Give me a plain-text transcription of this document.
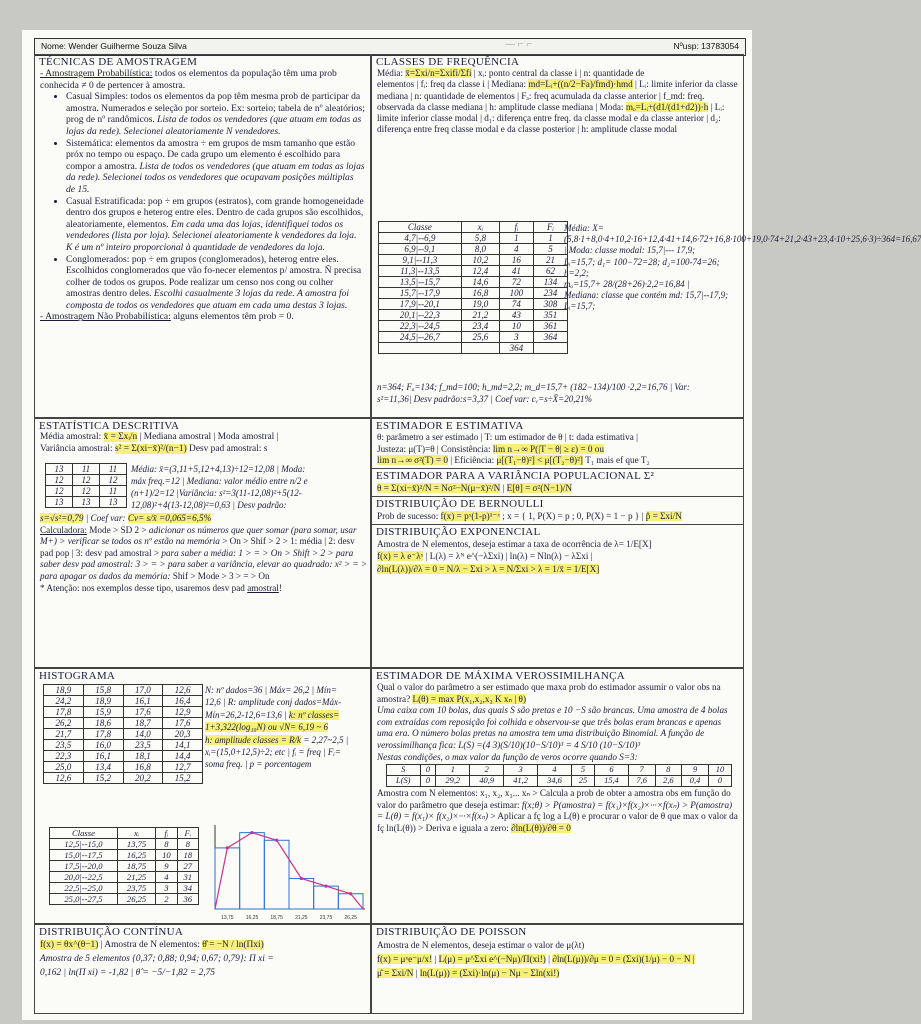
Nome: Wender Guilherme Souza Silva	— ⌐ ⌐	Nºusp: 13783054
TÉCNICAS DE AMOSTRAGEM

- Amostragem Probabilística: todos os elementos da população têm uma prob conhecida ≠ 0 de pertencer à amostra.

• Casual Simples: todos os elementos da pop têm mesma prob de participar da amostra. Numerados e seleção por sorteio. Ex: sorteio; tabela de nº aleatórios; prog de nº randômicos. Lista de todos os vendedores (que atuam em todas as lojas da rede). Selecionei aleatoriamente N vendedores.
• Sistemática: elementos da amostra ÷ em grupos de msm tamanho que estão próx no tempo ou espaço. De cada grupo um elemento é escolhido para compor a amostra. Lista de todos os vendedores (que atuam em todas as lojas da rede). Selecionei todos os vendedores que ocupavam posições múltiplas de 15.
• Casual Estratificada: pop ÷ em grupos (estratos), com grande homogeneidade dentro dos grupos e heterog entre eles. Dentro de cada grupos são escolhidos, aleatoriamente, elementos. Em cada uma das lojas, identifiquei todos os vendedores (lista por loja). Selecionei aleatoriamente k vendedores da loja. K é um nº inteiro proporcional à quantidade de vendedores da loja.
• Conglomerados: pop ÷ em grupos (conglomerados), heterog entre eles. Escolhidos conglomerados que vão fo-necer elementos p/ amostra. Ñ precisa colher de todos os grupos. Pode realizar um censo nos cong ou colher amostras dentro deles. Escolhi casualmente 3 lojas da rede. A amostra foi composta de todos os vendedores que atuam em cada uma destas 3 lojas.

- Amostragem Não Probabilística: alguns elementos têm prob = 0.

CLASSES DE FREQUÊNCIA

Média: x̄=Σxi/n=Σxifi/Σfi | xᵢ: ponto central da classe i | n: quantidade de

elementos | fᵢ: freq da classe i | Mediana: md=Lᵢ+((n/2−Fa)/fmd)·hmd | Lᵢ: limite inferior da classe mediana | n: quantidade de elementos | Fₐ: freq acumulada da classe anterior | f_md: freq. observada da classe mediana | h: amplitude classe mediana | Moda: mₒ=Lᵢ+(d1/(d1+d2))·h | Lᵢ: limite inferior classe modal | d₁: diferença entre freq. da classe modal e da classe anterior | d₂: diferença entre freq classe modal e da classe posterior | h: amplitude classe modal

Classe	xᵢ	fᵢ	Fᵢ
4,7|--6,9	5,8	1	1
6,9|--9,1	8,0	4	5
9,1|--11,3	10,2	16	21
11,3|--13,5	12,4	41	62
13,5|--15,7	14,6	72	134
15,7|--17,9	16,8	100	234
17,9|--20,1	19,0	74	308
20,1|--22,3	21,2	43	351
22,3|--24,5	23,4	10	361
24,5|--26,7	25,6	3	364
		364	

Média: X=(5,8·1+8,0·4+10,2·16+12,4·41+14,6·72+16,8·100+19,0·74+21,2·43+23,4·10+25,6·3)÷364=16,67 | Moda: classe modal: 15,7|--- 17,9;

Lᵢ=15,7; d₁= 100−72=28; d₂=100-74=26; h=2,2;

mₒ=15,7+ 28/(28+26)·2,2=16,84 |

Mediana: classe que contém md: 15,7|--17,9; Lᵢ=15,7;

n=364; Fₐ=134; f_md=100; h_md=2,2; m_d=15,7+ (182−134)/100 ·2,2=16,76 | Var:

s²=11,36| Desv padrão:s=3,37 | Coef var: cᵥ=s÷X̄=20,21%

ESTATÍSTICA DESCRITIVA

Média amostral: x̄ = Σxᵢ/n | Mediana amostral | Moda amostral |

Variância amostral: s² = Σ(xi−x̄)²/(n−1) Desv pad amostral: s

13	11	11
12	12	12
12	12	11
13	13	13

Média: x̄=(3,11+5,12+4,13)÷12=12,08 | Moda:

máx freq.=12 | Mediana: valor médio entre n/2 e

(n+1)/2=12 |Variância: s²=3(11-12,08)²+5(12-

12,08)²+4(13-12,08)²=0,63 | Desv padrão:

s=√s²=0,79 | Coef var: Cv= s/x̄ =0,065=6,5%

Calculadora: Mode > SD 2 > adicionar os números que quer somar (para somar, usar M+) > verificar se todos os nº estão na memória > On > Shif > 2 > 1: média | 2: desv pad pop | 3: desv pad amostral > para saber a média: 1 > = > On > Shift > 2 > para saber desv pad amostral: 3 > = > para saber a variância, elevar ao quadrado: x² > = > para apagar os dados da memória: Shif > Mode > 3 > = > On

* Atenção: nos exemplos desse tipo, usaremos desv pad amostral!

ESTIMADOR E ESTIMATIVA

θ: parâmetro a ser estimado | T: um estimador de θ | t: dada estimativa |

Justeza: μ(T)=θ | Consistência: lim n→∞ P(|T − θ| ≥ ε) = 0 ou

lim n→∞ σ²(T) = 0 | Eficiência: μ[(T₁−θ)²] < μ[(T₂−θ)²] T₁ mais ef que T₂

ESTIMADOR PARA A VARIÂNCIA POPULACIONAL Σ²

θ = Σ(xi−x̄)²/N = Nσ²−N(μ−x̄)²/N | E[θ] = σ²(N−1)/N

DISTRIBUIÇÃO DE BERNOULLI

Prob de sucesso: f(x) = pˣ(1-p)¹⁻ˣ ; x = { 1, P(X) = p ; 0, P(X) = 1 − p } | p̂ = Σxi/N

DISTRIBUIÇÃO EXPONENCIAL

Amostra de N elementos, deseja estimar a taxa de ocorrência de λ= 1/E[X]

f(x) = λ e⁻λˣ | L(λ) = λᴺ e^(−λΣxi) | ln(λ) = Nln(λ) − λΣxi |

∂ln(L(λ))/∂λ = 0 = N/λ − Σxi > λ = N/Σxi > λ = 1/x̄ = 1/E[X]

HISTOGRAMA
18,9	15,8	17,0	12,6
24,2	18,9	16,1	16,4
17,8	15,9	17,6	12,9
26,2	18,6	18,7	17,6
21,7	17,8	14,0	20,3
23,5	16,0	23,5	14,1
22,3	16,1	18,1	14,4
25,0	13,4	16,8	12,7
12,6	15,2	20,2	15,2

N: nº dados=36 | Máx= 26,2 | Mín=

12,6 | R: amplitude conj dados=Máx-

Mín=26,2-12,6=13,6 | k: nº classes=

1+3,322(log₁₀N) ou √N= 6,19 ~ 6

h: amplitude classes = R/k = 2,27~2,5 |

xᵢ=(15,0+12,5)÷2; etc | fᵢ = freq | Fᵢ=

soma freq. | p = porcentagem

Classe	xᵢ	fᵢ	Fᵢ
12,5|--15,0	13,75	8	8
15,0|--17,5	16,25	10	18
17,5|--20,0	18,75	9	27
20,0|--22,5	21,25	4	31
22,5|--25,0	23,75	3	34
25,0|--27,5	26,25	2	36
13,75 16,25 18,75 21,25 23,75 26,25
ESTIMADOR DE MÁXIMA VEROSSIMILHANÇA

Qual o valor do parâmetro a ser estimado que maxa prob do estimador assumir o valor obs na amostra? L(θ) = max P(x₁,x₂,x₃ K xₙ | θ)

Uma caixa com 10 bolas, das quais S são pretas e 10 −S são brancas. Uma amostra de 4 bolas com extraídas com reposição foi colhida e observou-se que três bolas eram brancas e apenas uma era. O número bolas pretas na amostra tem uma distribuição Binomial. A função de verossimilhança fica: L(S) =(4 3)(S/10)(10−S/10)³ = 4 S/10 (10−S/10)³

Nestas condições, o max valor da função de veros ocorre quando S=3:

S	0	1	2	3	4	5	6	7	8	9	10
L(S)	0	29,2	40,9	41,2	34,6	25	15,4	7,6	2,6	0,4	0

Amostra com N elementos: x₁, x₂, x₃... xₙ > Calcula a prob de obter a amostra obs em função do valor do parâmetro que deseja estimar: f(x;θ) > P(amostra) = f(x₁)×f(x₂)×···×f(xₙ) > P(amostra) = L(θ) = f(x₁)× f(x₂)×···×f(xₙ) > Aplicar a fç log a L(θ) e procurar o valor de θ que max o valor da fç ln(L(θ)) > Deriva e iguala a zero: ∂ln(L(θ))/∂θ = 0

DISTRIBUIÇÃO CONTÍNUA

f(x) = θx^(θ−1) | Amostra de N elementos: θ̂ = −N / ln(Πxi)

Amostra de 5 elementos {0,37; 0,88; 0,94; 0,67; 0,79}: Π xi =

0,162 | ln(Π xi) = -1,82 | θ̂ = −5/−1,82 = 2,75

DISTRIBUIÇÃO DE POISSON

Amostra de N elementos, deseja estimar o valor de μ(λt)

f(x) = μˣe⁻μ/x! | L(μ) = μ^Σxi e^(−Nμ)/Π(xi!) | ∂ln(L(μ))/∂μ = 0 = (Σxi)(1/μ) − 0 − N |

μ̂ = Σxi/N | ln(L(μ)) = (Σxi)·ln(μ) − Nμ − Σln(xi!)
